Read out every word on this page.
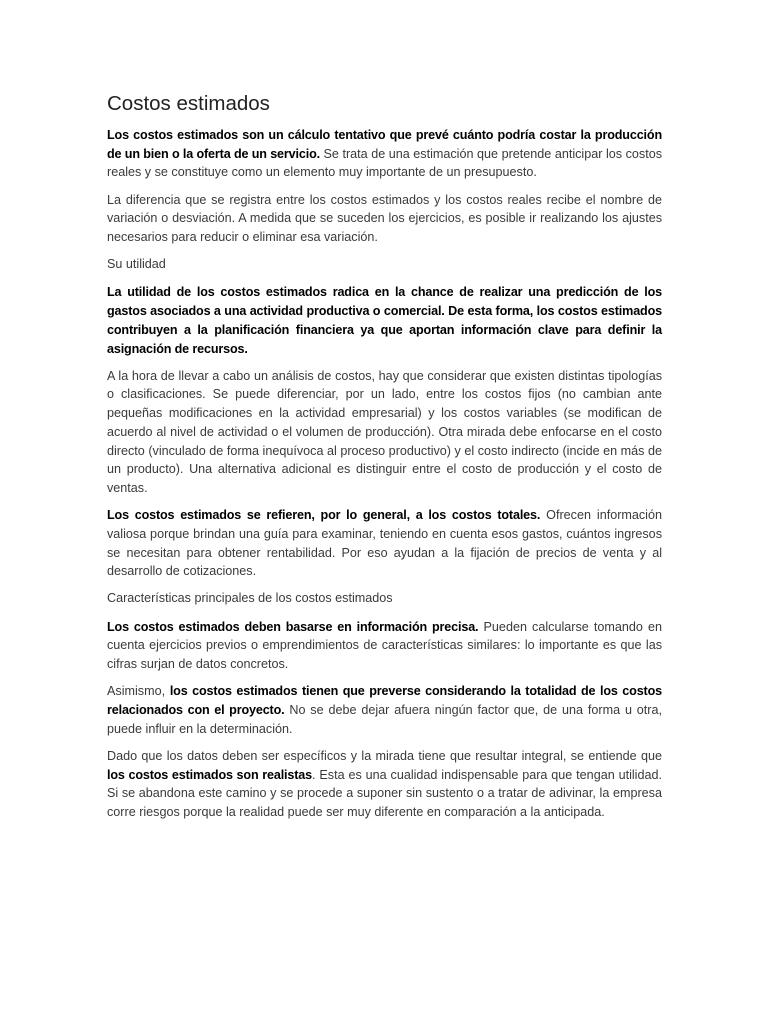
Costos estimados

Los costos estimados son un cálculo tentativo que prevé cuánto podría costar la producción de un bien o la oferta de un servicio. Se trata de una estimación que pretende anticipar los costos reales y se constituye como un elemento muy importante de un presupuesto.

La diferencia que se registra entre los costos estimados y los costos reales recibe el nombre de variación o desviación. A medida que se suceden los ejercicios, es posible ir realizando los ajustes necesarios para reducir o eliminar esa variación.

Su utilidad

La utilidad de los costos estimados radica en la chance de realizar una predicción de los gastos asociados a una actividad productiva o comercial. De esta forma, los costos estimados contribuyen a la planificación financiera ya que aportan información clave para definir la asignación de recursos.

A la hora de llevar a cabo un análisis de costos, hay que considerar que existen distintas tipologías o clasificaciones. Se puede diferenciar, por un lado, entre los costos fijos (no cambian ante pequeñas modificaciones en la actividad empresarial) y los costos variables (se modifican de acuerdo al nivel de actividad o el volumen de producción). Otra mirada debe enfocarse en el costo directo (vinculado de forma inequívoca al proceso productivo) y el costo indirecto (incide en más de un producto). Una alternativa adicional es distinguir entre el costo de producción y el costo de ventas.

Los costos estimados se refieren, por lo general, a los costos totales. Ofrecen información valiosa porque brindan una guía para examinar, teniendo en cuenta esos gastos, cuántos ingresos se necesitan para obtener rentabilidad. Por eso ayudan a la fijación de precios de venta y al desarrollo de cotizaciones.

Características principales de los costos estimados

Los costos estimados deben basarse en información precisa. Pueden calcularse tomando en cuenta ejercicios previos o emprendimientos de características similares: lo importante es que las cifras surjan de datos concretos.

Asimismo, los costos estimados tienen que preverse considerando la totalidad de los costos relacionados con el proyecto. No se debe dejar afuera ningún factor que, de una forma u otra, puede influir en la determinación.

Dado que los datos deben ser específicos y la mirada tiene que resultar integral, se entiende que los costos estimados son realistas. Esta es una cualidad indispensable para que tengan utilidad. Si se abandona este camino y se procede a suponer sin sustento o a tratar de adivinar, la empresa corre riesgos porque la realidad puede ser muy diferente en comparación a la anticipada.
